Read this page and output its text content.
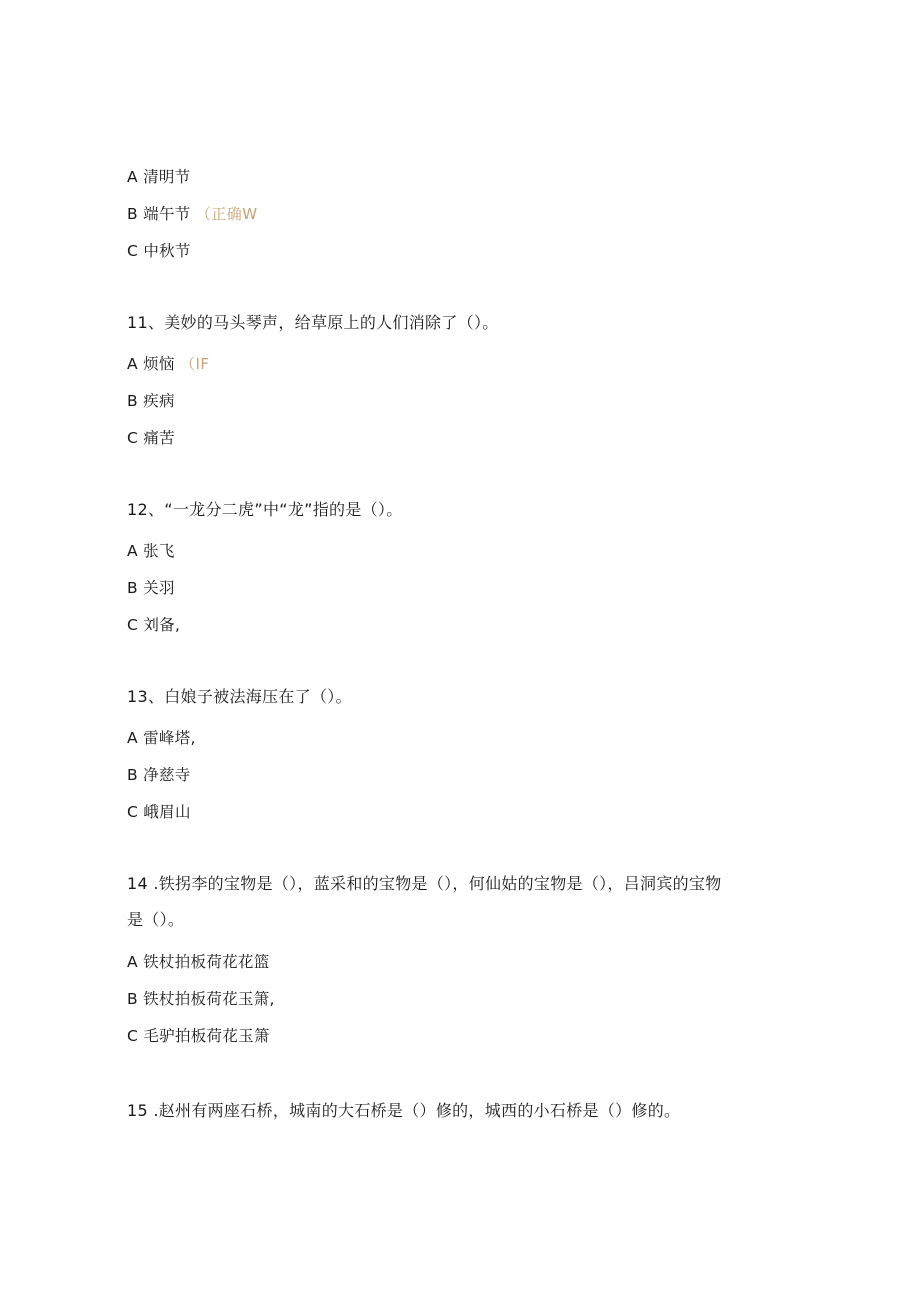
A 清明节
B 端午节 （正确W
C 中秋节
11、美妙的马头琴声，给草原上的人们消除了（）。
A 烦恼 （IF
B 疾病
C 痛苦
12、“一龙分二虎”中“龙”指的是（）。
A 张飞
B 关羽
C 刘备,
13、白娘子被法海压在了（）。
A 雷峰塔,
B 净慈寺
C 峨眉山
14 .铁拐李的宝物是（），蓝采和的宝物是（），何仙姑的宝物是（），吕洞宾的宝物
是（）。
A 铁杖拍板荷花花篮
B 铁杖拍板荷花玉箫,
C 毛驴拍板荷花玉箫
15 .赵州有两座石桥，城南的大石桥是（）修的，城西的小石桥是（）修的。
